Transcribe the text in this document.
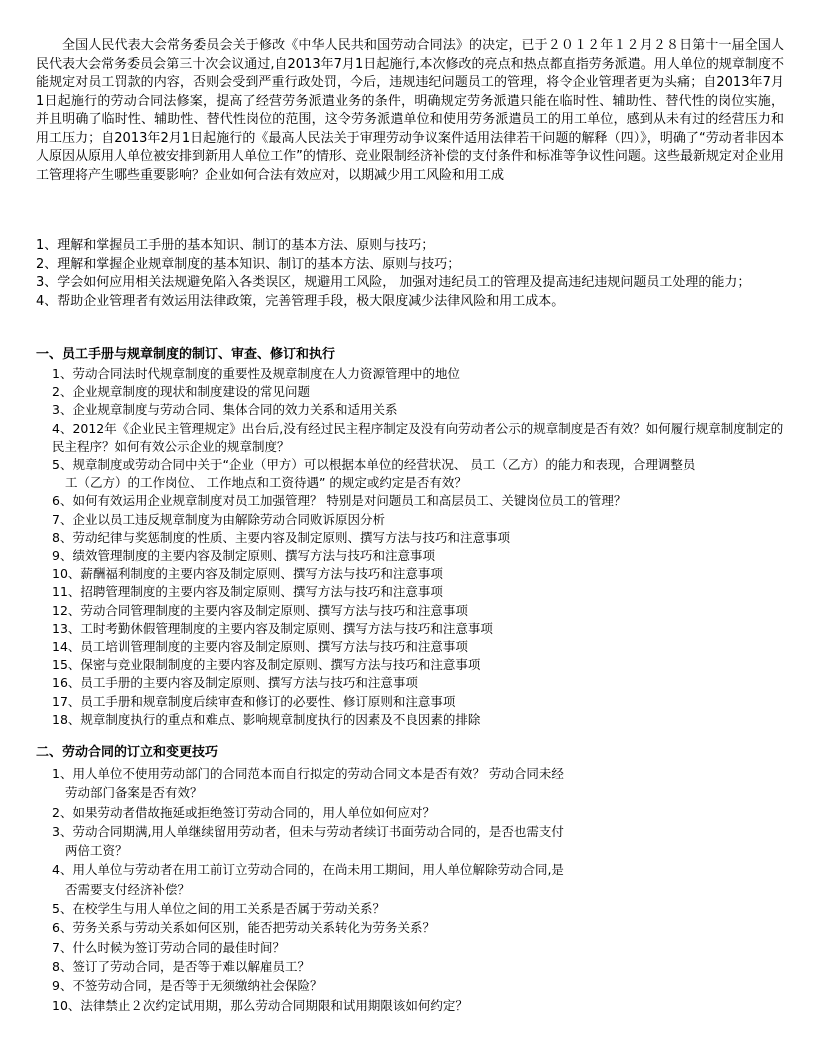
全国人民代表大会常务委员会关于修改《中华人民共和国劳动合同法》的决定，已于２０１２年１２月２８日第十一届全国人民代表大会常务委员会第三十次会议通过,自2013年7月1日起施行,本次修改的亮点和热点都直指劳务派遣。用人单位的规章制度不能规定对员工罚款的内容，否则会受到严重行政处罚，今后，违规违纪问题员工的管理，将令企业管理者更为头痛；自2013年7月1日起施行的劳动合同法修案，提高了经营劳务派遣业务的条件，明确规定劳务派遣只能在临时性、辅助性、替代性的岗位实施，并且明确了临时性、辅助性、替代性岗位的范围，这令劳务派遣单位和使用劳务派遣员工的用工单位，感到从未有过的经营压力和用工压力；自2013年2月1日起施行的《最高人民法关于审理劳动争议案件适用法律若干问题的解释（四）》，明确了“劳动者非因本人原因从原用人单位被安排到新用人单位工作”的情形、竞业限制经济补偿的支付条件和标准等争议性问题。这些最新规定对企业用工管理将产生哪些重要影响？企业如何合法有效应对，以期减少用工风险和用工成

1、理解和掌握员工手册的基本知识、制订的基本方法、原则与技巧；
2、理解和掌握企业规章制度的基本知识、制订的基本方法、原则与技巧；
3、学会如何应用相关法规避免陷入各类误区，规避用工风险， 加强对违纪员工的管理及提高违纪违规问题员工处理的能力；
4、帮助企业管理者有效运用法律政策，完善管理手段，极大限度减少法律风险和用工成本。
一、员工手册与规章制度的制订、审查、修订和执行
1、劳动合同法时代规章制度的重要性及规章制度在人力资源管理中的地位
2、企业规章制度的现状和制度建设的常见问题
3、企业规章制度与劳动合同、集体合同的效力关系和适用关系
4、2012年《企业民主管理规定》出台后,没有经过民主程序制定及没有向劳动者公示的规章制度是否有效？如何履行规章制度制定的民主程序？如何有效公示企业的规章制度？
5、规章制度或劳动合同中关于“企业（甲方）可以根据本单位的经营状况、 员工（乙方）的能力和表现，合理调整员
工（乙方）的工作岗位、 工作地点和工资待遇” 的规定或约定是否有效？
6、如何有效运用企业规章制度对员工加强管理？ 特别是对问题员工和高层员工、关键岗位员工的管理？
7、企业以员工违反规章制度为由解除劳动合同败诉原因分析
8、劳动纪律与奖惩制度的性质、主要内容及制定原则、撰写方法与技巧和注意事项
9、绩效管理制度的主要内容及制定原则、撰写方法与技巧和注意事项
10、薪酬福利制度的主要内容及制定原则、撰写方法与技巧和注意事项
11、招聘管理制度的主要内容及制定原则、撰写方法与技巧和注意事项
12、劳动合同管理制度的主要内容及制定原则、撰写方法与技巧和注意事项
13、工时考勤休假管理制度的主要内容及制定原则、撰写方法与技巧和注意事项
14、员工培训管理制度的主要内容及制定原则、撰写方法与技巧和注意事项
15、保密与竞业限制制度的主要内容及制定原则、撰写方法与技巧和注意事项
16、员工手册的主要内容及制定原则、撰写方法与技巧和注意事项
17、员工手册和规章制度后续审查和修订的必要性、修订原则和注意事项
18、规章制度执行的重点和难点、影响规章制度执行的因素及不良因素的排除
二、劳动合同的订立和变更技巧
1、用人单位不使用劳动部门的合同范本而自行拟定的劳动合同文本是否有效？ 劳动合同未经
劳动部门备案是否有效？
2、如果劳动者借故拖延或拒绝签订劳动合同的，用人单位如何应对？
3、劳动合同期满,用人单继续留用劳动者，但未与劳动者续订书面劳动合同的，是否也需支付
两倍工资？
4、用人单位与劳动者在用工前订立劳动合同的，在尚未用工期间，用人单位解除劳动合同,是
否需要支付经济补偿？
5、在校学生与用人单位之间的用工关系是否属于劳动关系？
6、劳务关系与劳动关系如何区别，能否把劳动关系转化为劳务关系？
7、什么时候为签订劳动合同的最佳时间？
8、签订了劳动合同，是否等于难以解雇员工？
9、不签劳动合同，是否等于无须缴纳社会保险？
10、法律禁止２次约定试用期，那么劳动合同期限和试用期限该如何约定？
